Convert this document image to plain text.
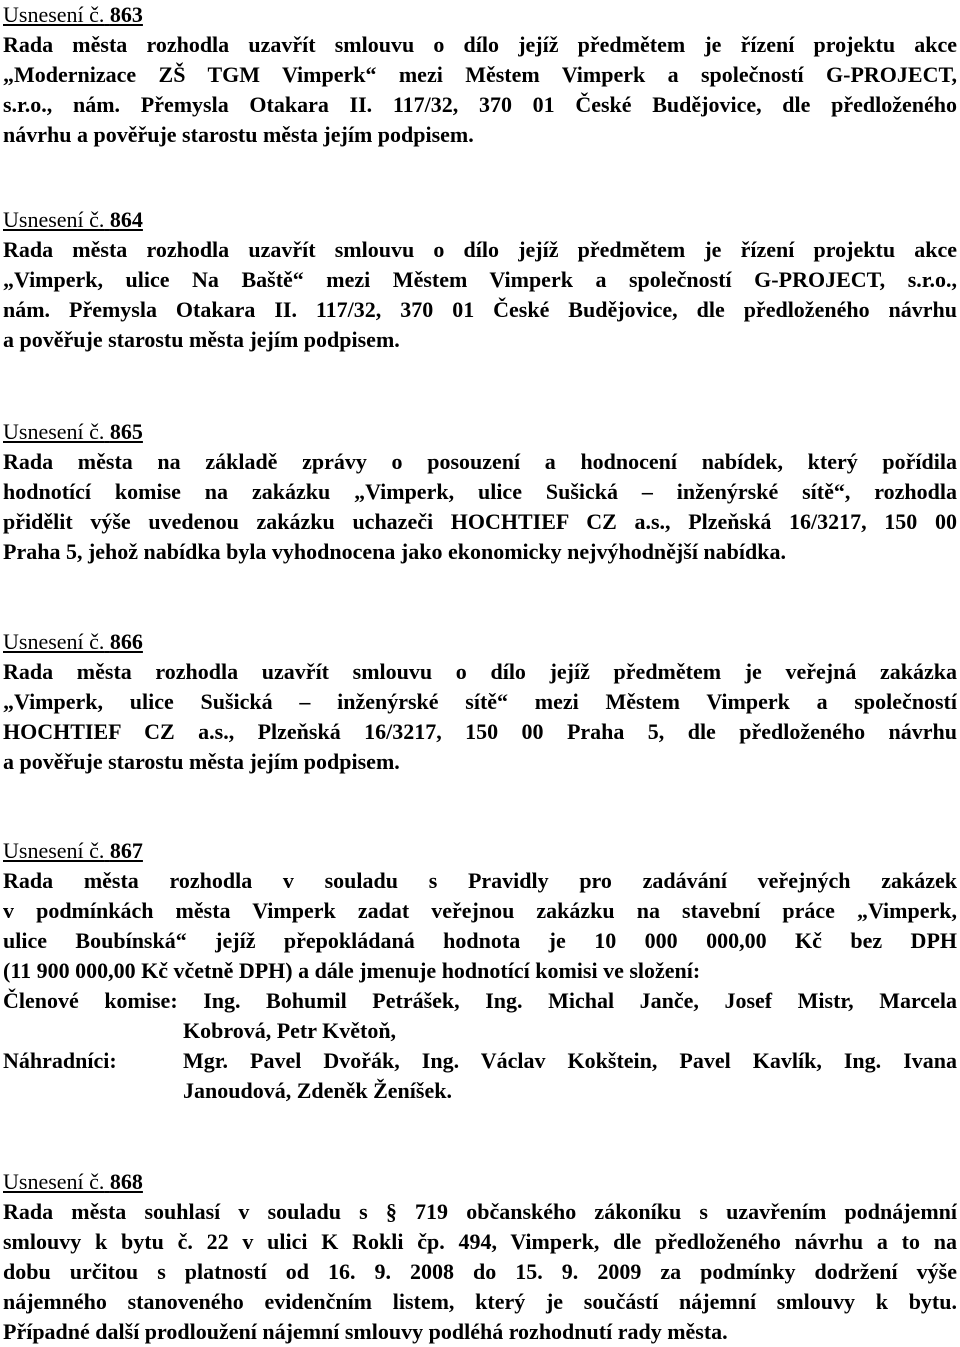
Usnesení č. 863
Rada města rozhodla uzavřít smlouvu o dílo jejíž předmětem je řízení projektu akce
„Modernizace ZŠ TGM Vimperk“ mezi Městem Vimperk a společností G-PROJECT,
s.r.o., nám. Přemysla Otakara II. 117/32, 370 01 České Budějovice, dle předloženého
návrhu a pověřuje starostu města jejím podpisem.
Usnesení č. 864
Rada města rozhodla uzavřít smlouvu o dílo jejíž předmětem je řízení projektu akce
„Vimperk, ulice Na Baště“ mezi Městem Vimperk a společností G-PROJECT, s.r.o.,
nám. Přemysla Otakara II. 117/32, 370 01 České Budějovice, dle předloženého návrhu
a pověřuje starostu města jejím podpisem.
Usnesení č. 865
Rada města na základě zprávy o posouzení a hodnocení nabídek, který pořídila
hodnotící komise na zakázku „Vimperk, ulice Sušická – inženýrské sítě“, rozhodla
přidělit výše uvedenou zakázku uchazeči HOCHTIEF CZ a.s., Plzeňská 16/3217, 150 00
Praha 5, jehož nabídka byla vyhodnocena jako ekonomicky nejvýhodnější nabídka.
Usnesení č. 866
Rada města rozhodla uzavřít smlouvu o dílo jejíž předmětem je veřejná zakázka
„Vimperk, ulice Sušická – inženýrské sítě“ mezi Městem Vimperk a společností
HOCHTIEF CZ a.s., Plzeňská 16/3217, 150 00 Praha 5, dle předloženého návrhu
a pověřuje starostu města jejím podpisem.
Usnesení č. 867
Rada města rozhodla v souladu s Pravidly pro zadávání veřejných zakázek
v podmínkách města Vimperk zadat veřejnou zakázku na stavební práce „Vimperk,
ulice Boubínská“ jejíž přepokládaná hodnota je 10 000 000,00 Kč bez DPH
(11 900 000,00 Kč včetně DPH) a dále jmenuje hodnotící komisi ve složení:
Členové komise: Ing. Bohumil Petrášek, Ing. Michal Janče, Josef Mistr, Marcela
Kobrová, Petr Květoň,
Náhradníci:	Mgr. Pavel Dvořák, Ing. Václav Kokštein, Pavel Kavlík, Ing. Ivana
Janoudová, Zdeněk Ženíšek.
Usnesení č. 868
Rada města souhlasí v souladu s § 719 občanského zákoníku s uzavřením podnájemní
smlouvy k bytu č. 22 v ulici K Rokli čp. 494, Vimperk, dle předloženého návrhu a to na
dobu určitou s platností od 16. 9. 2008 do 15. 9. 2009 za podmínky dodržení výše
nájemného stanoveného evidenčním listem, který je součástí nájemní smlouvy k bytu.
Případné další prodloužení nájemní smlouvy podléhá rozhodnutí rady města.
